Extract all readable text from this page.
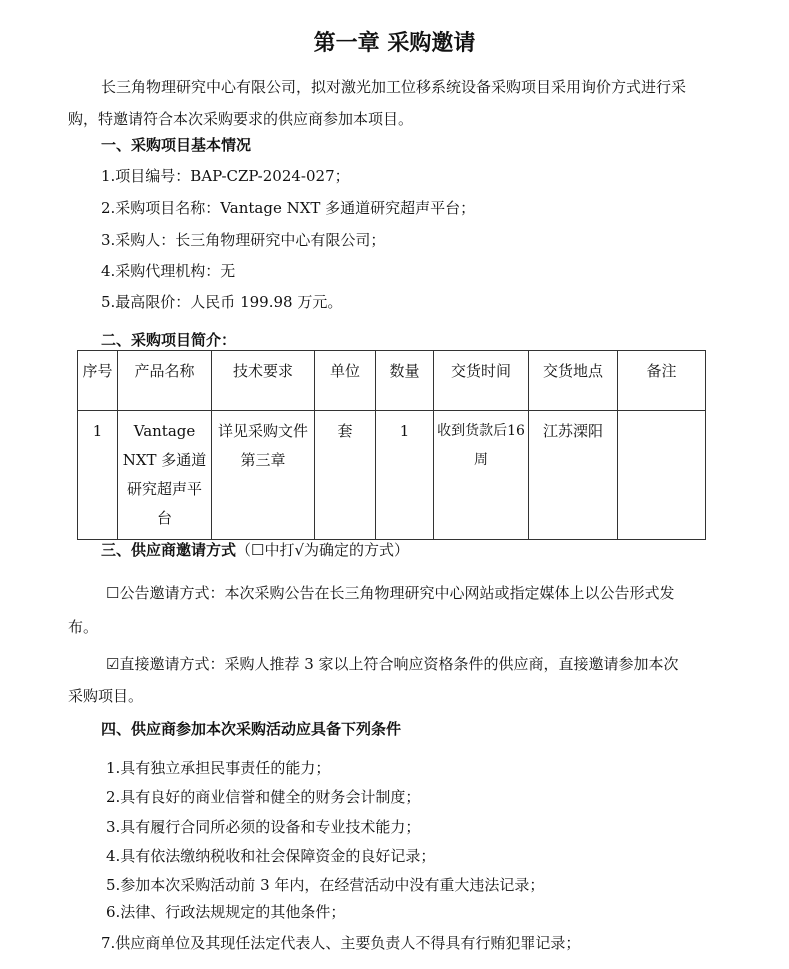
第一章 采购邀请
长三角物理研究中心有限公司，拟对激光加工位移系统设备采购项目采用询价方式进行采
购，特邀请符合本次采购要求的供应商参加本项目。
一、采购项目基本情况
1.项目编号：BAP-CZP-2024-027；
2.采购项目名称：Vantage NXT 多通道研究超声平台；
3.采购人：长三角物理研究中心有限公司；
4.采购代理机构：无
5.最高限价：人民币 199.98 万元。
二、采购项目简介：
序号	产品名称	技术要求	单位	数量	交货时间	交货地点	备注
1	Vantage NXT 多通道研究超声平台	详见采购文件第三章	套	1	收到货款后16 周	江苏溧阳	
三、供应商邀请方式（☐中打√为确定的方式）
☐公告邀请方式：本次采购公告在长三角物理研究中心网站或指定媒体上以公告形式发
布。
☑直接邀请方式：采购人推荐 3 家以上符合响应资格条件的供应商，直接邀请参加本次
采购项目。
四、供应商参加本次采购活动应具备下列条件
1.具有独立承担民事责任的能力；
2.具有良好的商业信誉和健全的财务会计制度；
3.具有履行合同所必须的设备和专业技术能力；
4.具有依法缴纳税收和社会保障资金的良好记录；
5.参加本次采购活动前 3 年内，在经营活动中没有重大违法记录；
6.法律、行政法规规定的其他条件；
7.供应商单位及其现任法定代表人、主要负责人不得具有行贿犯罪记录；
